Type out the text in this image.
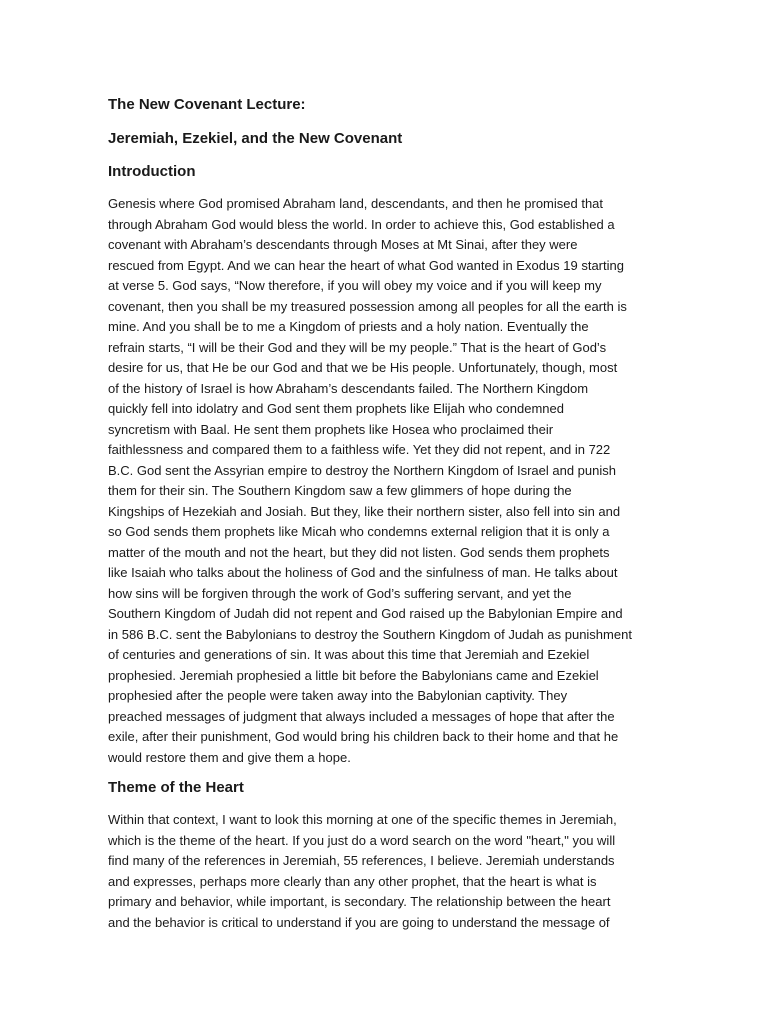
The New Covenant Lecture:
Jeremiah, Ezekiel, and the New Covenant
Introduction

Genesis where God promised Abraham land, descendants, and then he promised that
through Abraham God would bless the world. In order to achieve this, God established a
covenant with Abraham’s descendants through Moses at Mt Sinai, after they were
rescued from Egypt. And we can hear the heart of what God wanted in Exodus 19 starting
at verse 5. God says, “Now therefore, if you will obey my voice and if you will keep my
covenant, then you shall be my treasured possession among all peoples for all the earth is
mine. And you shall be to me a Kingdom of priests and a holy nation. Eventually the
refrain starts, “I will be their God and they will be my people.” That is the heart of God’s
desire for us, that He be our God and that we be His people. Unfortunately, though, most
of the history of Israel is how Abraham’s descendants failed. The Northern Kingdom
quickly fell into idolatry and God sent them prophets like Elijah who condemned
syncretism with Baal. He sent them prophets like Hosea who proclaimed their
faithlessness and compared them to a faithless wife. Yet they did not repent, and in 722
B.C. God sent the Assyrian empire to destroy the Northern Kingdom of Israel and punish
them for their sin. The Southern Kingdom saw a few glimmers of hope during the
Kingships of Hezekiah and Josiah. But they, like their northern sister, also fell into sin and
so God sends them prophets like Micah who condemns external religion that it is only a
matter of the mouth and not the heart, but they did not listen. God sends them prophets
like Isaiah who talks about the holiness of God and the sinfulness of man. He talks about
how sins will be forgiven through the work of God’s suffering servant, and yet the
Southern Kingdom of Judah did not repent and God raised up the Babylonian Empire and
in 586 B.C. sent the Babylonians to destroy the Southern Kingdom of Judah as punishment
of centuries and generations of sin. It was about this time that Jeremiah and Ezekiel
prophesied. Jeremiah prophesied a little bit before the Babylonians came and Ezekiel
prophesied after the people were taken away into the Babylonian captivity. They
preached messages of judgment that always included a messages of hope that after the
exile, after their punishment, God would bring his children back to their home and that he
would restore them and give them a hope.

Theme of the Heart

Within that context, I want to look this morning at one of the specific themes in Jeremiah,
which is the theme of the heart. If you just do a word search on the word "heart," you will
find many of the references in Jeremiah, 55 references, I believe. Jeremiah understands
and expresses, perhaps more clearly than any other prophet, that the heart is what is
primary and behavior, while important, is secondary. The relationship between the heart
and the behavior is critical to understand if you are going to understand the message of
